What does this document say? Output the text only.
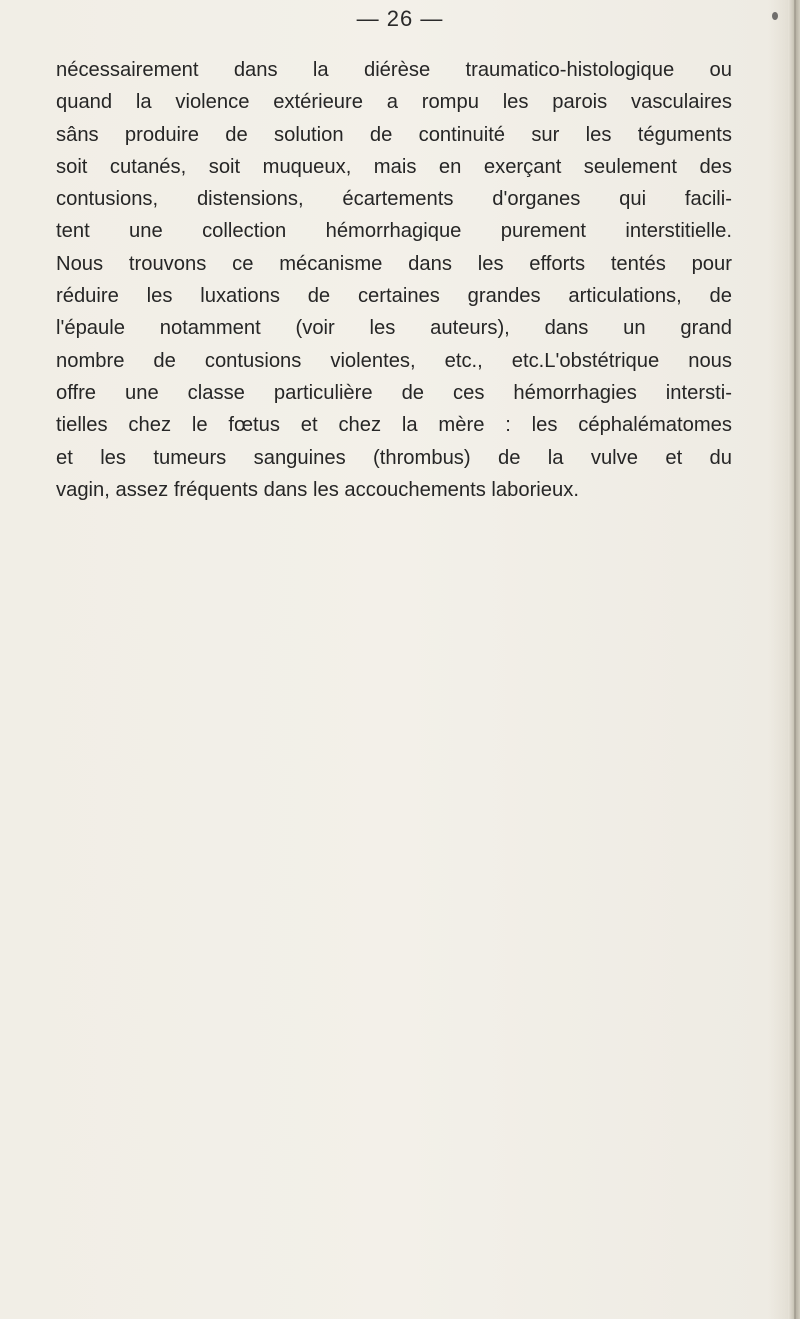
— 26 —
nécessairement dans la diérèse traumatico-histologique ou
quand la violence extérieure a rompu les parois vasculaires
sâns produire de solution de continuité sur les téguments
soit cutanés, soit muqueux, mais en exerçant seulement des
contusions, distensions, écartements d'organes qui facili-
tent une collection hémorrhagique purement interstitielle.
Nous trouvons ce mécanisme dans les efforts tentés pour
réduire les luxations de certaines grandes articulations, de
l'épaule notamment (voir les auteurs), dans un grand
nombre de contusions violentes, etc., etc.L'obstétrique nous
offre une classe particulière de ces hémorrhagies intersti-
tielles chez le fœtus et chez la mère : les céphalématomes
et les tumeurs sanguines (thrombus) de la vulve et du
vagin, assez fréquents dans les accouchements laborieux.
